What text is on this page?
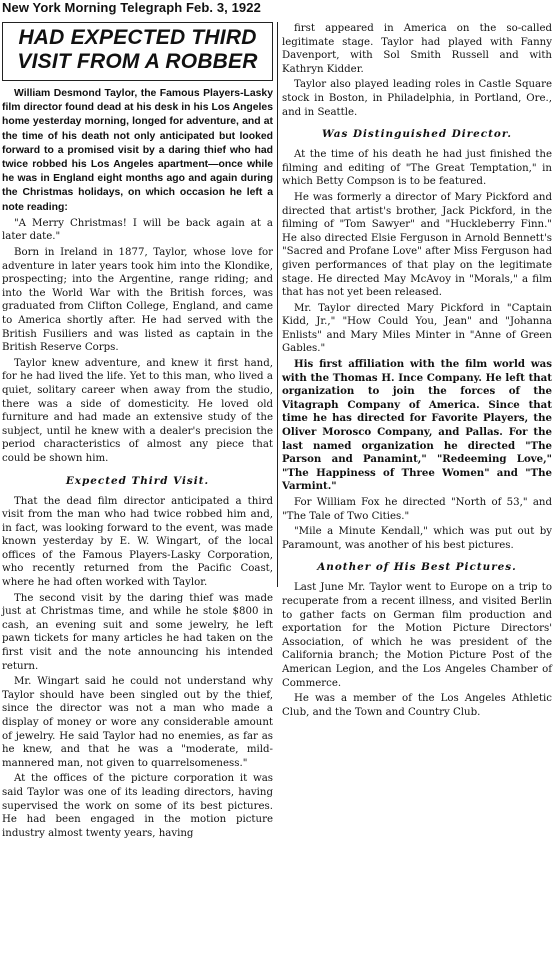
New York Morning Telegraph Feb. 3, 1922
HAD EXPECTED THIRD VISIT FROM A ROBBER

William Desmond Taylor, the Famous Players-Lasky film director found dead at his desk in his Los Angeles home yesterday morning, longed for adventure, and at the time of his death not only anticipated but looked forward to a promised visit by a daring thief who had twice robbed his Los Angeles apartment—once while he was in England eight months ago and again during the Christmas holidays, on which occasion he left a note reading:

"A Merry Christmas! I will be back again at a later date."

Born in Ireland in 1877, Taylor, whose love for adventure in later years took him into the Klondike, prospecting; into the Argentine, range riding; and into the World War with the British forces, was graduated from Clifton College, England, and came to America shortly after. He had served with the British Fusiliers and was listed as captain in the British Reserve Corps.

Taylor knew adventure, and knew it first hand, for he had lived the life. Yet to this man, who lived a quiet, solitary career when away from the studio, there was a side of domesticity. He loved old furniture and had made an extensive study of the subject, until he knew with a dealer's precision the period characteristics of almost any piece that could be shown him.

Expected Third Visit.

That the dead film director anticipated a third visit from the man who had twice robbed him and, in fact, was looking forward to the event, was made known yesterday by E. W. Wingart, of the local offices of the Famous Players-Lasky Corporation, who recently returned from the Pacific Coast, where he had often worked with Taylor.

The second visit by the daring thief was made just at Christmas time, and while he stole $800 in cash, an evening suit and some jewelry, he left pawn tickets for many articles he had taken on the first visit and the note announcing his intended return.

Mr. Wingart said he could not understand why Taylor should have been singled out by the thief, since the director was not a man who made a display of money or wore any considerable amount of jewelry. He said Taylor had no enemies, as far as he knew, and that he was a "moderate, mild-mannered man, not given to quarrelsomeness."

At the offices of the picture corporation it was said Taylor was one of its leading directors, having supervised the work on some of its best pictures. He had been engaged in the motion picture industry almost twenty years, having

first appeared in America on the so-called legitimate stage. Taylor had played with Fanny Davenport, with Sol Smith Russell and with Kathryn Kidder.

Taylor also played leading roles in Castle Square stock in Boston, in Philadelphia, in Portland, Ore., and in Seattle.

Was Distinguished Director.

At the time of his death he had just finished the filming and editing of "The Great Temptation," in which Betty Compson is to be featured.

He was formerly a director of Mary Pickford and directed that artist's brother, Jack Pickford, in the filming of "Tom Sawyer" and "Huckleberry Finn." He also directed Elsie Ferguson in Arnold Bennett's "Sacred and Profane Love" after Miss Ferguson had given performances of that play on the legitimate stage. He directed May McAvoy in "Morals," a film that has not yet been released.

Mr. Taylor directed Mary Pickford in "Captain Kidd, Jr.," "How Could You, Jean" and "Johanna Enlists" and Mary Miles Minter in "Anne of Green Gables."

His first affiliation with the film world was with the Thomas H. Ince Company. He left that organization to join the forces of the Vitagraph Company of America. Since that time he has directed for Favorite Players, the Oliver Morosco Company, and Pallas. For the last named organization he directed "The Parson and Panamint," "Redeeming Love," "The Happiness of Three Women" and "The Varmint."

For William Fox he directed "North of 53," and "The Tale of Two Cities."

"Mile a Minute Kendall," which was put out by Paramount, was another of his best pictures.

Another of His Best Pictures.

Last June Mr. Taylor went to Europe on a trip to recuperate from a recent illness, and visited Berlin to gather facts on German film production and exportation for the Motion Picture Directors' Association, of which he was president of the California branch; the Motion Picture Post of the American Legion, and the Los Angeles Chamber of Commerce.

He was a member of the Los Angeles Athletic Club, and the Town and Country Club.
